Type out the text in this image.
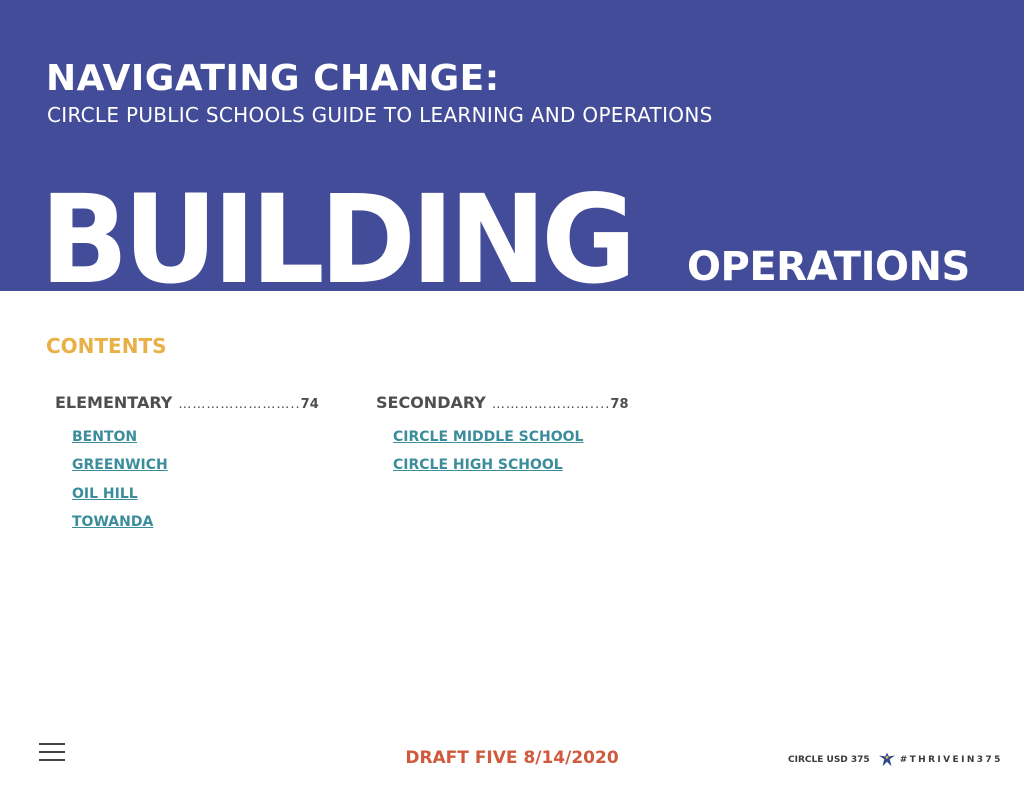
NAVIGATING CHANGE:

CIRCLE PUBLIC SCHOOLS GUIDE TO LEARNING AND OPERATIONS

BUILDING OPERATIONS
CONTENTS
ELEMENTARY …………………….. 74
BENTON
GREENWICH
OIL HILL
TOWANDA
SECONDARY ………………….... 78
CIRCLE MIDDLE SCHOOL
CIRCLE HIGH SCHOOL

DRAFT FIVE 8/14/2020	CIRCLE USD 375	#THRIVEIN375
